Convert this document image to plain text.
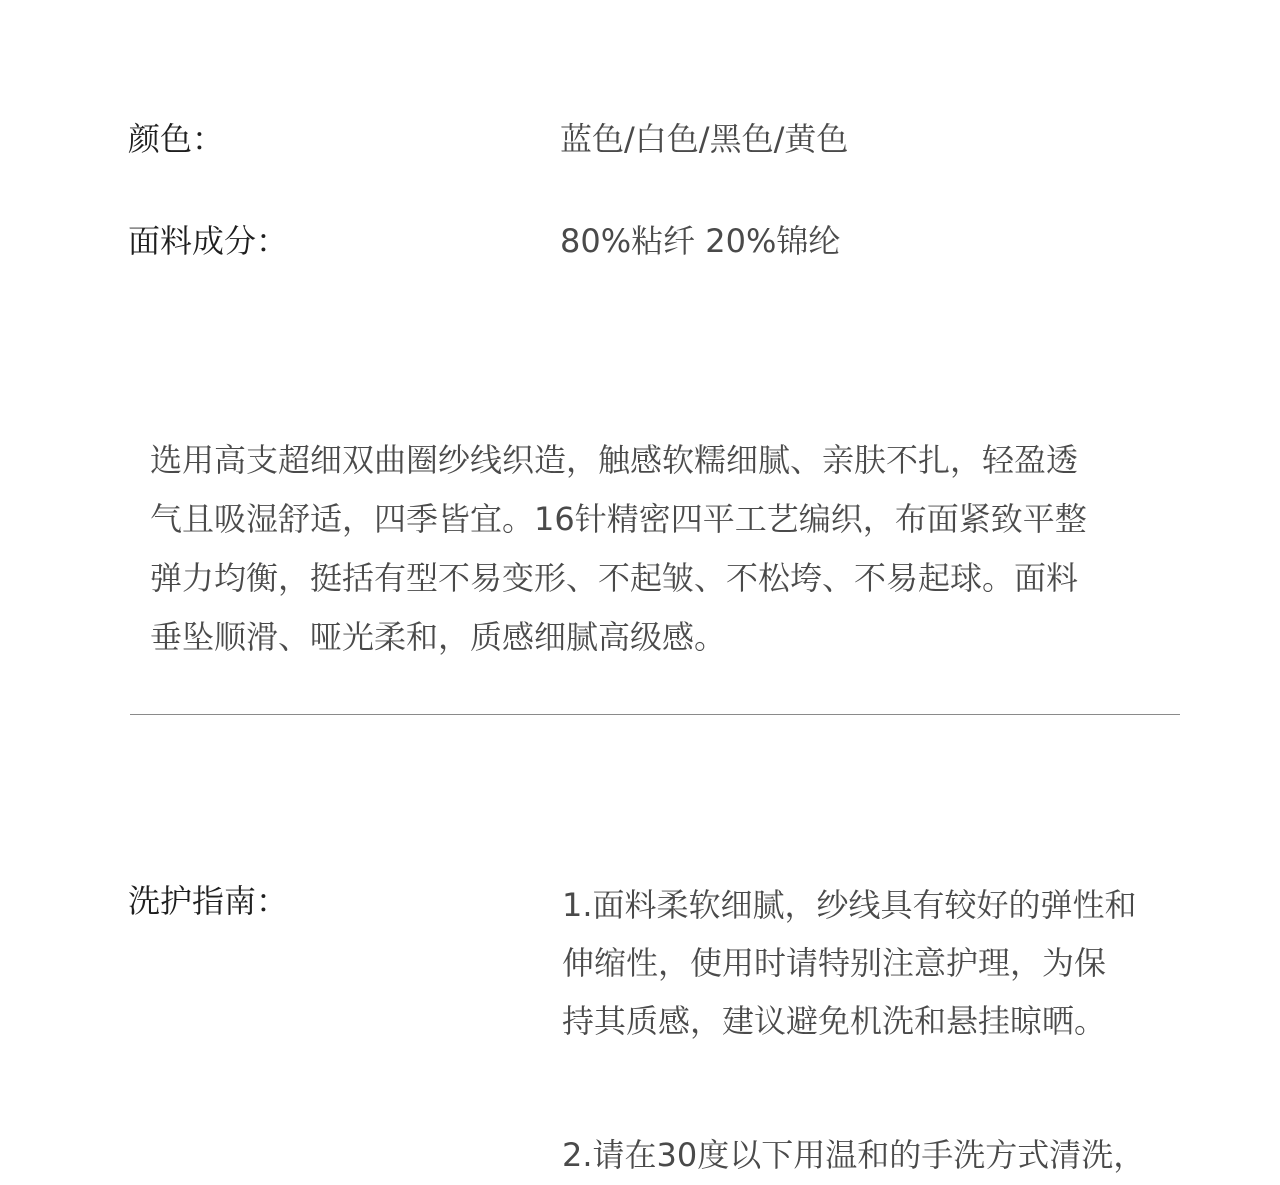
颜色：	蓝色/白色/黑色/黄色
面料成分：	80%粘纤 20%锦纶

选用高支超细双曲圈纱线织造，触感软糯细腻、亲肤不扎，轻盈透
气且吸湿舒适，四季皆宜。16针精密四平工艺编织，布面紧致平整
弹力均衡，挺括有型不易变形、不起皱、不松垮、不易起球。面料
垂坠顺滑、哑光柔和，质感细腻高级感。

洗护指南：	1.面料柔软细腻，纱线具有较好的弹性和
伸缩性，使用时请特别注意护理，为保
持其质感，建议避免机洗和悬挂晾晒。
2.请在30度以下用温和的手洗方式清洗，
